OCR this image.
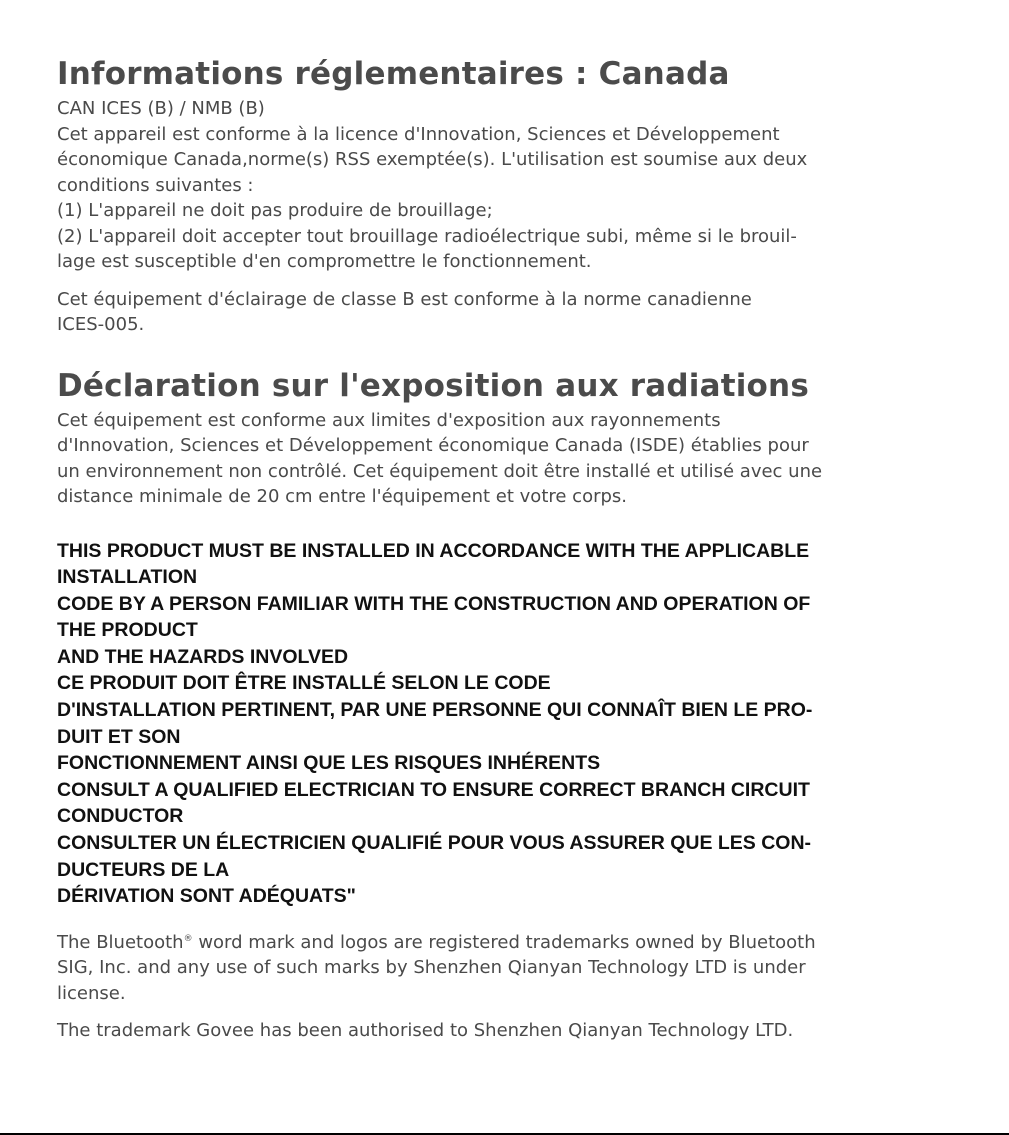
Informations réglementaires : Canada
CAN ICES (B) / NMB (B)
Cet appareil est conforme à la licence d'Innovation, Sciences et Développement
économique Canada,norme(s) RSS exemptée(s). L'utilisation est soumise aux deux
conditions suivantes :
(1) L'appareil ne doit pas produire de brouillage;
(2) L'appareil doit accepter tout brouillage radioélectrique subi, même si le brouil-
lage est susceptible d'en compromettre le fonctionnement.
Cet équipement d'éclairage de classe B est conforme à la norme canadienne
ICES-005.
Déclaration sur l'exposition aux radiations
Cet équipement est conforme aux limites d'exposition aux rayonnements
d'Innovation, Sciences et Développement économique Canada (ISDE) établies pour
un environnement non contrôlé. Cet équipement doit être installé et utilisé avec une
distance minimale de 20 cm entre l'équipement et votre corps.
THIS PRODUCT MUST BE INSTALLED IN ACCORDANCE WITH THE APPLICABLE
INSTALLATION
CODE BY A PERSON FAMILIAR WITH THE CONSTRUCTION AND OPERATION OF
THE PRODUCT
AND THE HAZARDS INVOLVED
CE PRODUIT DOIT ÊTRE INSTALLÉ SELON LE CODE
D'INSTALLATION PERTINENT, PAR UNE PERSONNE QUI CONNAÎT BIEN LE PRO-
DUIT ET SON
FONCTIONNEMENT AINSI QUE LES RISQUES INHÉRENTS
CONSULT A QUALIFIED ELECTRICIAN TO ENSURE CORRECT BRANCH CIRCUIT
CONDUCTOR
CONSULTER UN ÉLECTRICIEN QUALIFIÉ POUR VOUS ASSURER QUE LES CON-
DUCTEURS DE LA
DÉRIVATION SONT ADÉQUATS"
The Bluetooth® word mark and logos are registered trademarks owned by Bluetooth
SIG, Inc. and any use of such marks by Shenzhen Qianyan Technology LTD is under
license.
The trademark Govee has been authorised to Shenzhen Qianyan Technology LTD.
